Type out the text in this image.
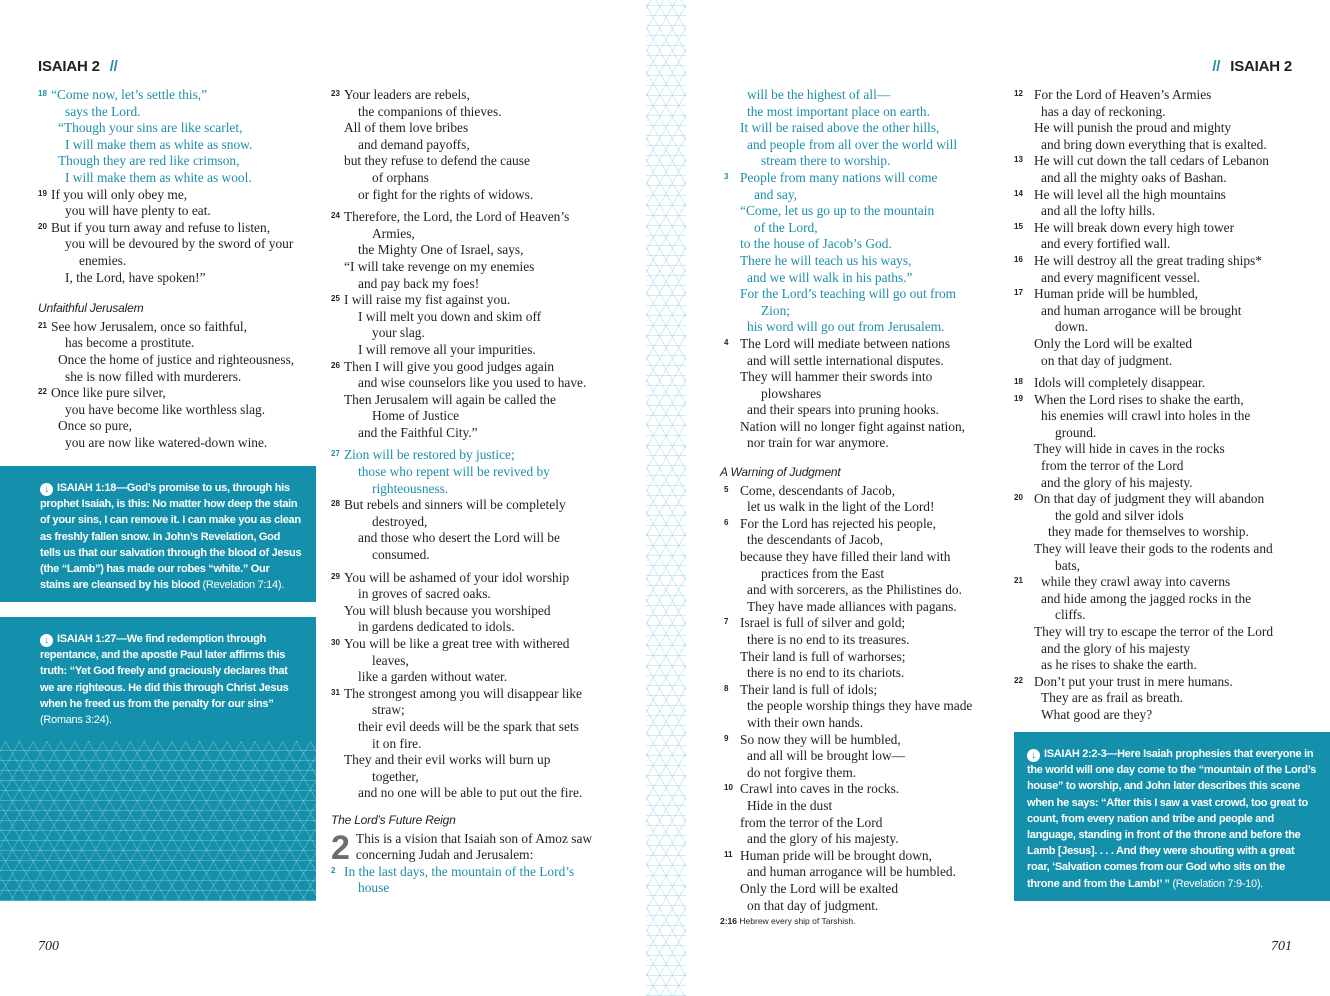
ISAIAH 2 //
18 “Come now, let’s settle this,”
says the Lord.
“Though your sins are like scarlet,
I will make them as white as snow.
Though they are red like crimson,
I will make them as white as wool.
19 If you will only obey me,
you will have plenty to eat.
20 But if you turn away and refuse to listen,
you will be devoured by the sword of your
enemies.
I, the Lord, have spoken!”
Unfaithful Jerusalem
21 See how Jerusalem, once so faithful,
has become a prostitute.
Once the home of justice and righteousness,
she is now filled with murderers.
22 Once like pure silver,
you have become like worthless slag.
Once so pure,
you are now like watered-down wine.
↓ ISAIAH 1:18—God’s promise to us, through his prophet Isaiah, is this: No matter how deep the stain of your sins, I can remove it. I can make you as clean as freshly fallen snow. In John’s Revelation, God tells us that our salvation through the blood of Jesus (the “Lamb”) has made our robes “white.” Our stains are cleansed by his blood (Revelation 7:14).
↓ ISAIAH 1:27—We find redemption through repentance, and the apostle Paul later affirms this truth: “Yet God freely and graciously declares that we are righteous. He did this through Christ Jesus when he freed us from the penalty for our sins” (Romans 3:24).
23 Your leaders are rebels,
the companions of thieves.
All of them love bribes
and demand payoffs,
but they refuse to defend the cause
of orphans
or fight for the rights of widows.
24 Therefore, the Lord, the Lord of Heaven’s
Armies,
the Mighty One of Israel, says,
“I will take revenge on my enemies
and pay back my foes!
25 I will raise my fist against you.
I will melt you down and skim off
your slag.
I will remove all your impurities.
26 Then I will give you good judges again
and wise counselors like you used to have.
Then Jerusalem will again be called the
Home of Justice
and the Faithful City.”
27 Zion will be restored by justice;
those who repent will be revived by
righteousness.
28 But rebels and sinners will be completely
destroyed,
and those who desert the Lord will be
consumed.
29 You will be ashamed of your idol worship
in groves of sacred oaks.
You will blush because you worshiped
in gardens dedicated to idols.
30 You will be like a great tree with withered
leaves,
like a garden without water.
31 The strongest among you will disappear like
straw;
their evil deeds will be the spark that sets
it on fire.
They and their evil works will burn up
together,
and no one will be able to put out the fire.
The Lord’s Future Reign
2 This is a vision that Isaiah son of Amoz saw
concerning Judah and Jerusalem:
2 In the last days, the mountain of the Lord’s
house
700
// ISAIAH 2
will be the highest of all—
the most important place on earth.
It will be raised above the other hills,
and people from all over the world will
stream there to worship.
3 People from many nations will come
and say,
“Come, let us go up to the mountain
of the Lord,
to the house of Jacob’s God.
There he will teach us his ways,
and we will walk in his paths.”
For the Lord’s teaching will go out from
Zion;
his word will go out from Jerusalem.
4 The Lord will mediate between nations
and will settle international disputes.
They will hammer their swords into
plowshares
and their spears into pruning hooks.
Nation will no longer fight against nation,
nor train for war anymore.
A Warning of Judgment
5 Come, descendants of Jacob,
let us walk in the light of the Lord!
6 For the Lord has rejected his people,
the descendants of Jacob,
because they have filled their land with
practices from the East
and with sorcerers, as the Philistines do.
They have made alliances with pagans.
7 Israel is full of silver and gold;
there is no end to its treasures.
Their land is full of warhorses;
there is no end to its chariots.
8 Their land is full of idols;
the people worship things they have made
with their own hands.
9 So now they will be humbled,
and all will be brought low—
do not forgive them.
10 Crawl into caves in the rocks.
Hide in the dust
from the terror of the Lord
and the glory of his majesty.
11 Human pride will be brought down,
and human arrogance will be humbled.
Only the Lord will be exalted
on that day of judgment.
12 For the Lord of Heaven’s Armies
has a day of reckoning.
He will punish the proud and mighty
and bring down everything that is exalted.
13 He will cut down the tall cedars of Lebanon
and all the mighty oaks of Bashan.
14 He will level all the high mountains
and all the lofty hills.
15 He will break down every high tower
and every fortified wall.
16 He will destroy all the great trading ships*
and every magnificent vessel.
17 Human pride will be humbled,
and human arrogance will be brought
down.
Only the Lord will be exalted
on that day of judgment.
18 Idols will completely disappear.
19 When the Lord rises to shake the earth,
his enemies will crawl into holes in the
ground.
They will hide in caves in the rocks
from the terror of the Lord
and the glory of his majesty.
20 On that day of judgment they will abandon
the gold and silver idols
they made for themselves to worship.
They will leave their gods to the rodents and
bats,
21 while they crawl away into caverns
and hide among the jagged rocks in the
cliffs.
They will try to escape the terror of the Lord
and the glory of his majesty
as he rises to shake the earth.
22 Don’t put your trust in mere humans.
They are as frail as breath.
What good are they?
↓ ISAIAH 2:2-3—Here Isaiah prophesies that everyone in the world will one day come to the “mountain of the Lord’s house” to worship, and John later describes this scene when he says: “After this I saw a vast crowd, too great to count, from every nation and tribe and people and language, standing in front of the throne and before the Lamb [Jesus]. . . . And they were shouting with a great roar, ‘Salvation comes from our God who sits on the throne and from the Lamb!’ ” (Revelation 7:9-10).
2:16 Hebrew every ship of Tarshish.
701
